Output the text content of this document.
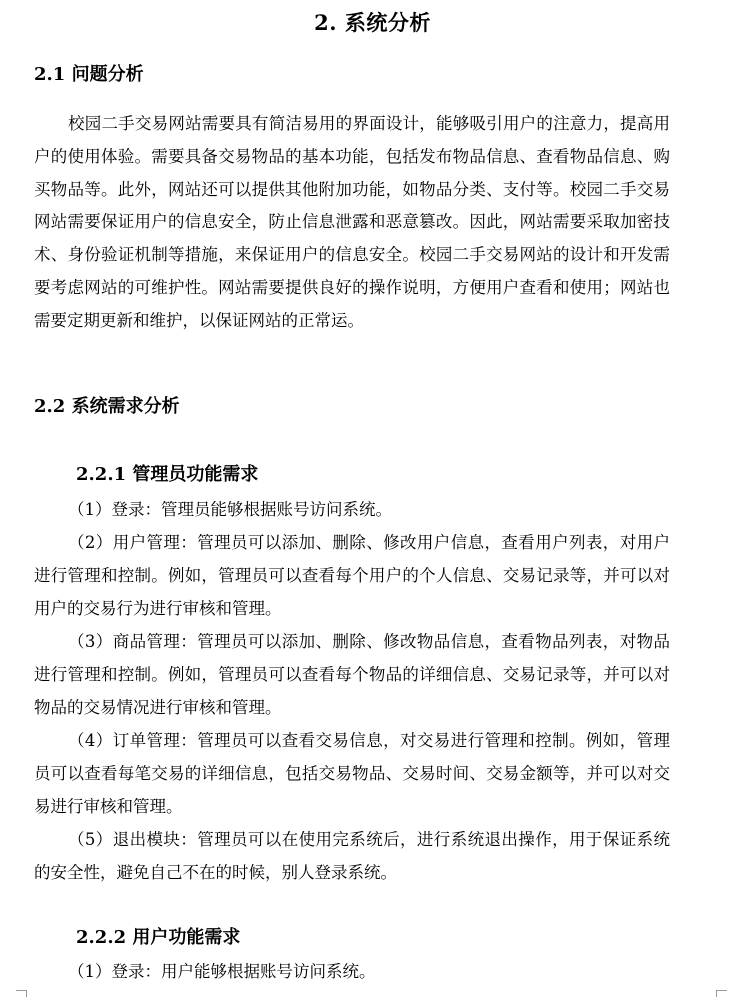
2. 系统分析
2.1 问题分析

校园二手交易网站需要具有简洁易用的界面设计，能够吸引用户的注意力，提高用户的使用体验。需要具备交易物品的基本功能，包括发布物品信息、查看物品信息、购买物品等。此外，网站还可以提供其他附加功能，如物品分类、支付等。校园二手交易网站需要保证用户的信息安全，防止信息泄露和恶意篡改。因此，网站需要采取加密技术、身份验证机制等措施，来保证用户的信息安全。校园二手交易网站的设计和开发需要考虑网站的可维护性。网站需要提供良好的操作说明，方便用户查看和使用；网站也需要定期更新和维护，以保证网站的正常运。

2.2 系统需求分析
2.2.1 管理员功能需求

（1）登录：管理员能够根据账号访问系统。

（2）用户管理：管理员可以添加、删除、修改用户信息，查看用户列表，对用户进行管理和控制。例如，管理员可以查看每个用户的个人信息、交易记录等，并可以对用户的交易行为进行审核和管理。

（3）商品管理：管理员可以添加、删除、修改物品信息，查看物品列表，对物品进行管理和控制。例如，管理员可以查看每个物品的详细信息、交易记录等，并可以对物品的交易情况进行审核和管理。

（4）订单管理：管理员可以查看交易信息，对交易进行管理和控制。例如，管理员可以查看每笔交易的详细信息，包括交易物品、交易时间、交易金额等，并可以对交易进行审核和管理。

（5）退出模块：管理员可以在使用完系统后，进行系统退出操作，用于保证系统的安全性，避免自己不在的时候，别人登录系统。

2.2.2 用户功能需求

（1）登录：用户能够根据账号访问系统。
